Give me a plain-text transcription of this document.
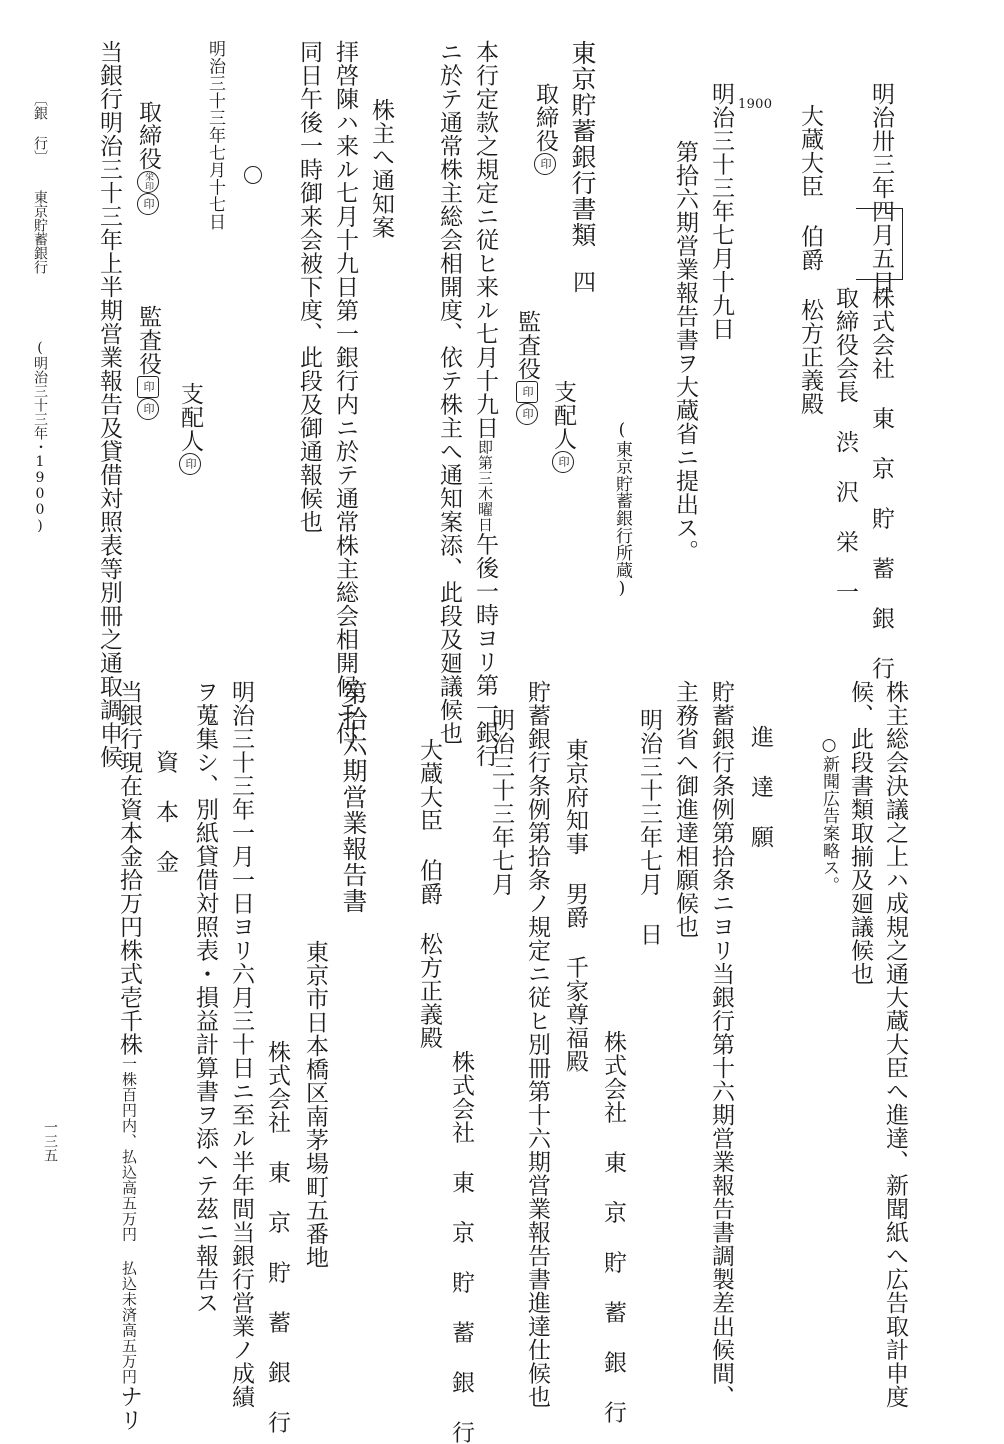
明治卅三年四月五日
株式会社 東 京 貯 蓄 銀 行
取締役会長 渋 沢 栄 一
大蔵大臣 伯爵 松方正義殿
1900
明治三十三年七月十九日
第拾六期営業報告書ヲ大蔵省ニ提出ス。
(東京貯蓄銀行所蔵)
東京貯蓄銀行書類
四
取締役印
支配人印
監査役印印
本行定款之規定ニ従ヒ来ル七月十九日即第三木曜日午後一時ヨリ第一銀行
ニ於テ通常株主総会相開度、依テ株主へ通知案添、此段及廻議候也
株主へ通知案
拝啓陳ハ来ル七月十九日第一銀行内ニ於テ通常株主総会相開候ニ付、
同日午後一時御来会被下度、此段及御通報候也
明治三十三年七月十七日
支配人印
取締役栄印印
監査役印印
当銀行明治三十三年上半期営業報告及貸借対照表等別冊之通取調申候
株主総会決議之上ハ成規之通大蔵大臣へ進達、新聞紙へ広告取計申度
候、此段書類取揃及廻議候也
○新聞広告案略ス。
進 達 願
貯蓄銀行条例第拾条ニヨリ当銀行第十六期営業報告書調製差出候間、
主務省へ御進達相願候也
明治三十三年七月 日
株式会社 東 京 貯 蓄 銀 行
東京府知事 男爵 千家尊福殿
貯蓄銀行条例第拾条ノ規定ニ従ヒ別冊第十六期営業報告書進達仕候也
明治三十三年七月
株式会社 東 京 貯 蓄 銀 行
大蔵大臣 伯爵 松方正義殿
第拾六期営業報告書
東京市日本橋区南茅場町五番地
株式会社 東 京 貯 蓄 銀 行
明治三十三年一月一日ヨリ六月三十日ニ至ル半年間当銀行営業ノ成績
ヲ蒐集シ、別紙貸借対照表・損益計算書ヲ添ヘテ茲ニ報告ス
資 本 金
当銀行現在資本金拾万円株式壱千株一株百円内、払込高五万円 払込未済高五万円ナリ
〔銀 行〕
東京貯蓄銀行
(明治三十三年・1900)
一三五
